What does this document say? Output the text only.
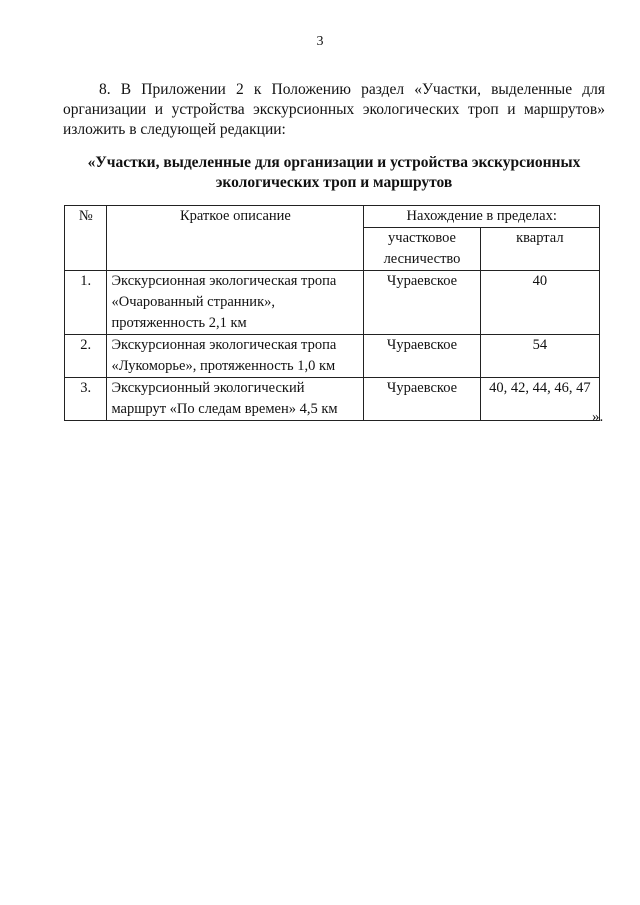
3

8. В Приложении 2 к Положению раздел «Участки, выделенные для организации и устройства экскурсионных экологических троп и маршрутов» изложить в следующей редакции:

«Участки, выделенные для организации и устройства экскурсионных
экологических троп и маршрутов
№	Краткое описание	Нахождение в пределах:	
		участковое лесничество	квартал
1.	Экскурсионная экологическая тропа «Очарованный странник», протяженность 2,1 км	Чураевское	40
2.	Экскурсионная экологическая тропа «Лукоморье», протяженность 1,0 км	Чураевское	54
3.	Экскурсионный экологический маршрут «По следам времен» 4,5 км	Чураевское	40, 42, 44, 46, 47
».
